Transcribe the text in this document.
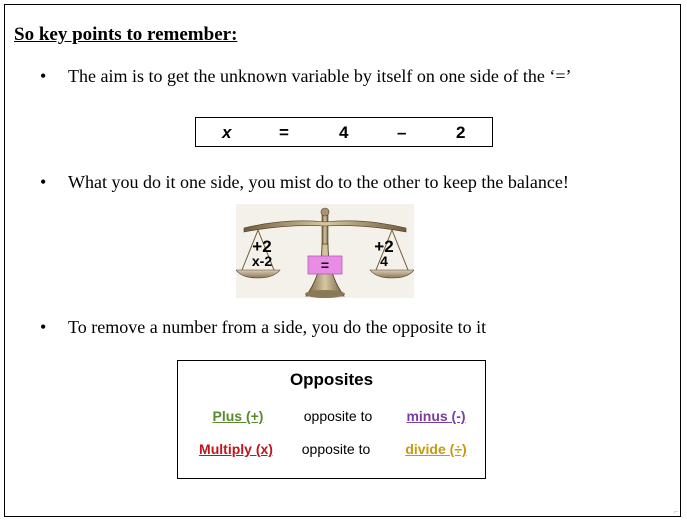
⌐
So key points to remember:
• The aim is to get the unknown variable by itself on one side of the ‘=’
x	=	4	–	2
• What you do it one side, you mist do to the other to keep the balance!
=
+2
x-2
+2
4
• To remove a number from a side, you do the opposite to it
Opposites
Plus (+)	opposite to	minus (-)
Multiply (x)	opposite to	divide (÷)
